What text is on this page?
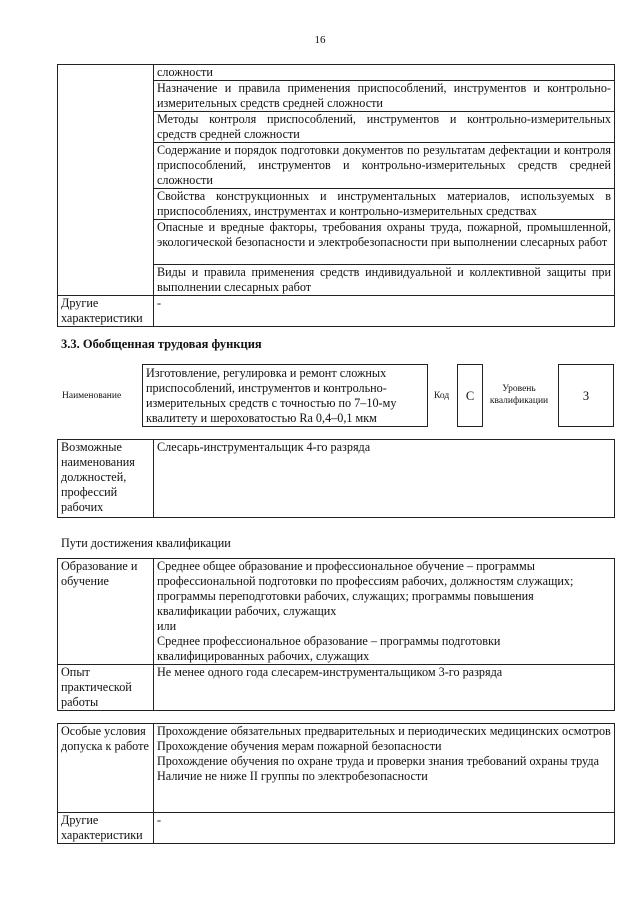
16
	сложности
	Назначение и правила применения приспособлений, инструментов и контрольно-измерительных средств средней сложности
	Методы контроля приспособлений, инструментов и контрольно-измерительных средств средней сложности
	Содержание и порядок подготовки документов по результатам дефектации и контроля приспособлений, инструментов и контрольно-измерительных средств средней сложности
	Свойства конструкционных и инструментальных материалов, используемых в приспособлениях, инструментах и контрольно-измерительных средствах
	Опасные и вредные факторы, требования охраны труда, пожарной, промышленной, экологической безопасности и электробезопасности при выполнении слесарных работ
	Виды и правила применения средств индивидуальной и коллективной защиты при выполнении слесарных работ
Другие характеристики	-
3.3. Обобщенная трудовая функция
Наименование
Изготовление, регулировка и ремонт сложных приспособлений, инструментов и контрольно-измерительных средств с точностью по 7–10-му квалитету и шероховатостью Ra 0,4–0,1 мкм
Код	C	Уровень квалификации	3
Возможные наименования должностей, профессий рабочих	Слесарь-инструментальщик 4-го разряда
Пути достижения квалификации
Образование и обучение	Среднее общее образование и профессиональное обучение – программы профессиональной подготовки по профессиям рабочих, должностям служащих; программы переподготовки рабочих, служащих; программы повышения квалификации рабочих, служащих
или
Среднее профессиональное образование – программы подготовки квалифицированных рабочих, служащих

Опыт практической работы	Не менее одного года слесарем-инструментальщиком 3-го разряда
Особые условия допуска к работе	Прохождение обязательных предварительных и периодических медицинских осмотров
Прохождение обучения мерам пожарной безопасности
Прохождение обучения по охране труда и проверки знания требований охраны труда
Наличие не ниже II группы по электробезопасности

Другие характеристики	-
